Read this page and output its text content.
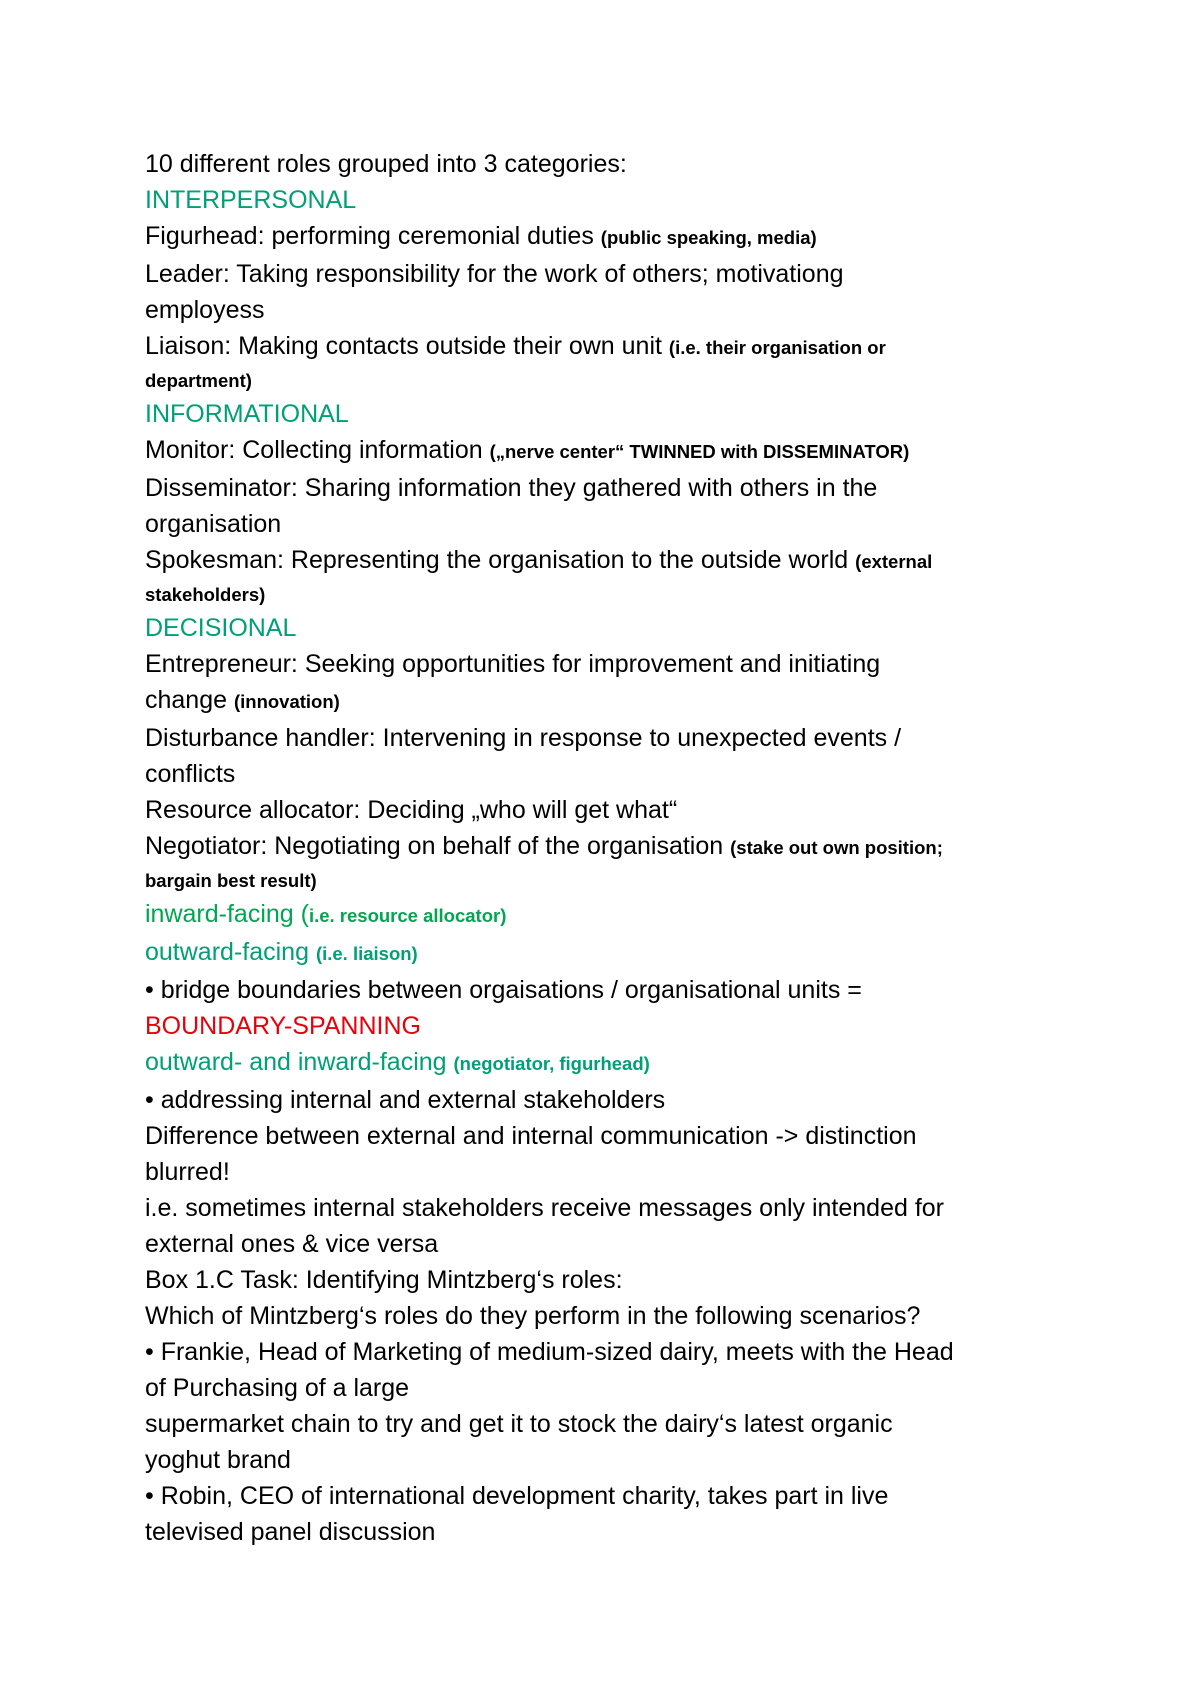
10 different roles grouped into 3 categories:
INTERPERSONAL
Figurhead: performing ceremonial duties (public speaking, media)
Leader: Taking responsibility for the work of others; motivationg
employess
Liaison: Making contacts outside their own unit (i.e. their organisation or
department)
INFORMATIONAL
Monitor: Collecting information („nerve center“ TWINNED with DISSEMINATOR)
Disseminator: Sharing information they gathered with others in the
organisation
Spokesman: Representing the organisation to the outside world (external
stakeholders)
DECISIONAL
Entrepreneur: Seeking opportunities for improvement and initiating
change (innovation)
Disturbance handler: Intervening in response to unexpected events /
conflicts
Resource allocator: Deciding „who will get what“
Negotiator: Negotiating on behalf of the organisation (stake out own position;
bargain best result)
inward-facing (i.e. resource allocator)
outward-facing (i.e. liaison)
• bridge boundaries between orgaisations / organisational units =
BOUNDARY-SPANNING
outward- and inward-facing (negotiator, figurhead)
• addressing internal and external stakeholders
Difference between external and internal communication -> distinction
blurred!
i.e. sometimes internal stakeholders receive messages only intended for
external ones & vice versa
Box 1.C Task: Identifying Mintzberg‘s roles:
Which of Mintzberg‘s roles do they perform in the following scenarios?
• Frankie, Head of Marketing of medium-sized dairy, meets with the Head
of Purchasing of a large
supermarket chain to try and get it to stock the dairy‘s latest organic
yoghut brand
• Robin, CEO of international development charity, takes part in live
televised panel discussion
